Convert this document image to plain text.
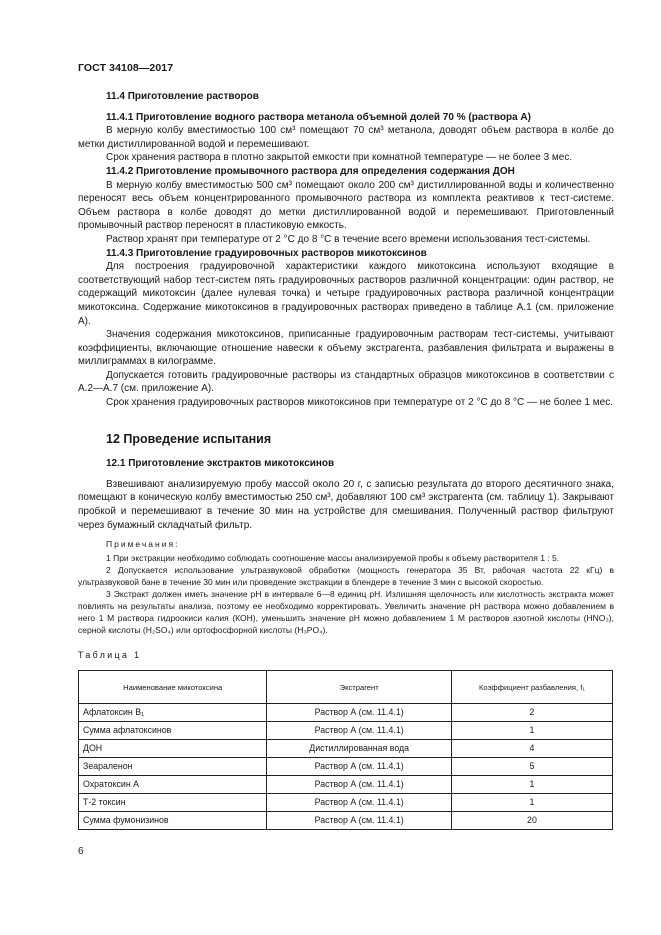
ГОСТ 34108—2017

11.4 Приготовление растворов

11.4.1 Приготовление водного раствора метанола объемной долей 70 % (раствора А)

В мерную колбу вместимостью 100 см³ помещают 70 см³ метанола, доводят объем раствора в колбе до метки дистиллированной водой и перемешивают.

Срок хранения раствора в плотно закрытой емкости при комнатной температуре — не более 3 мес.

11.4.2 Приготовление промывочного раствора для определения содержания ДОН

В мерную колбу вместимостью 500 см³ помещают около 200 см³ дистиллированной воды и количественно переносят весь объем концентрированного промывочного раствора из комплекта реактивов к тест-системе. Объем раствора в колбе доводят до метки дистиллированной водой и перемешивают. Приготовленный промывочный раствор переносят в пластиковую емкость.

Раствор хранят при температуре от 2 °С до 8 °С в течение всего времени использования тест-системы.

11.4.3 Приготовление градуировочных растворов микотоксинов

Для построения градуировочной характеристики каждого микотоксина используют входящие в соответствующий набор тест-систем пять градуировочных растворов различной концентрации: один раствор, не содержащий микотоксин (далее нулевая точка) и четыре градуировочных раствора различной концентрации микотоксина. Содержание микотоксинов в градуировочных растворах приведено в таблице А.1 (см. приложение А).

Значения содержания микотоксинов, приписанные градуировочным растворам тест-системы, учитывают коэффициенты, включающие отношение навески к объему экстрагента, разбавления фильтрата и выражены в миллиграммах в килограмме.

Допускается готовить градуировочные растворы из стандартных образцов микотоксинов в соответствии с А.2—А.7 (см. приложение А).

Срок хранения градуировочных растворов микотоксинов при температуре от 2 °С до 8 °С — не более 1 мес.

12 Проведение испытания

12.1 Приготовление экстрактов микотоксинов

Взвешивают анализируемую пробу массой около 20 г, с записью результата до второго десятичного знака, помещают в коническую колбу вместимостью 250 см³, добавляют 100 см³ экстрагента (см. таблицу 1). Закрывают пробкой и перемешивают в течение 30 мин на устройстве для смешивания. Полученный раствор фильтруют через бумажный складчатый фильтр.

Примечания:

1 При экстракции необходимо соблюдать соотношение массы анализируемой пробы к объему растворителя 1 : 5.

2 Допускается использование ультразвуковой обработки (мощность генератора 35 Вт, рабочая частота 22 кГц) в ультразвуковой бане в течение 30 мин или проведение экстракции в блендере в течение 3 мин с высокой скоростью.

3 Экстракт должен иметь значение рН в интервале 6—8 единиц рН. Излишняя щелочность или кислотность экстракта может повлиять на результаты анализа, поэтому ее необходимо корректировать. Увеличить значение рН раствора можно добавлением в него 1 М раствора гидроокиси калия (КОН), уменьшить значение рН можно добавлением 1 М растворов азотной кислоты (HNO₃), серной кислоты (H₂SO₄) или ортофосфорной кислоты (H₃PO₄).

Таблица 1

Наименование микотоксина	Экстрагент	Коэффициент разбавления, f₁
Афлатоксин B₁	Раствор А (см. 11.4.1)	2
Сумма афлатоксинов	Раствор А (см. 11.4.1)	1
ДОН	Дистиллированная вода	4
Зеараленон	Раствор А (см. 11.4.1)	5
Охратоксин А	Раствор А (см. 11.4.1)	1
Т-2 токсин	Раствор А (см. 11.4.1)	1
Сумма фумонизинов	Раствор А (см. 11.4.1)	20
6
